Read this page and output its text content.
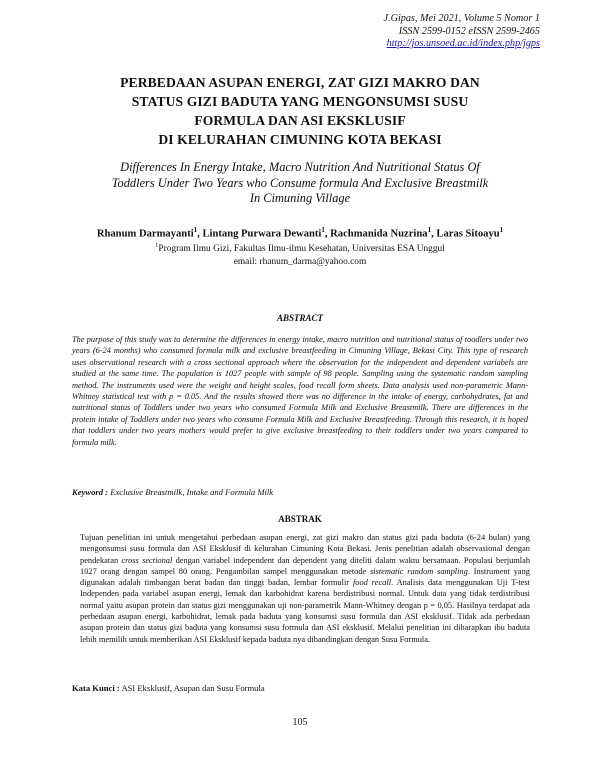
J.Gipas, Mei 2021, Volume 5 Nomor 1
ISSN 2599-0152 eISSN 2599-2465
http://jos.unsoed.ac.id/index.php/jgps
PERBEDAAN ASUPAN ENERGI, ZAT GIZI MAKRO DAN
STATUS GIZI BADUTA YANG MENGONSUMSI SUSU
FORMULA DAN ASI EKSKLUSIF
DI KELURAHAN CIMUNING KOTA BEKASI
Differences In Energy Intake, Macro Nutrition And Nutritional Status Of
Toddlers Under Two Years who Consume formula And Exclusive Breastmilk
In Cimuning Village
Rhanum Darmayanti$^1$, Lintang Purwara Dewanti$^1$, Rachmanida Nuzrina$^1$, Laras Sitoayu$^1$
$^1$Program Ilmu Gizi, Fakultas Ilmu-ilmu Kesehatan, Universitas ESA Unggul
email: rhanum_darma@yahoo.com
ABSTRACT
The purpose of this study was to determine the differences in energy intake, macro nutrition and nutritional status of toodlers under two years (6-24 months) who consumed formula milk and exclusive breastfeeding in Cimuning Village, Bekasi City. This type of research uses observational research with a cross sectional approach where the observation for the independent and dependent variabels are studied at the same time. The population is 1027 people with sample of 98 people. Sampling using the systematic random sampling method. The instruments used were the weight and height scales, food recall form sheets. Data analysis used non-parametric Mann-Whitney statistical test with p = 0.05. And the results showed there was no difference in the intake of energy, carbohydrates, fat and nutritional status of Toddlers under two years who consumed Formula Milk and Exclusive Breastmilk. There are differences in the protein intake of Toddlers under two years who consume Formula Milk and Exclusive Breastfeeding. Through this research, it is hoped that toddlers under two years mothers would prefer to give exclusive breastfeeding to their toddlers under two years compared to formula milk.
Keyword : Exclusive Breastmilk, Intake and Formula Milk
ABSTRAK
Tujuan penelitian ini untuk mengetahui perbedaan asupan energi, zat gizi makro dan status gizi pada baduta (6-24 bulan) yang mengonsumsi susu formula dan ASI Eksklusif di kelurahan Cimuning Kota Bekasi. Jenis penelitian adalah observasional dengan pendekatan cross sectional dengan variabel independent dan dependent yang diteliti dalam waktu bersamaan. Populasi berjumlah 1027 orang dengan sampel 80 orang. Pengambilan sampel menggunakan metode sistematic random sampling. Instrument yang digunakan adalah timbangan berat badan dan tinggi badan, lembar formulir food recall. Analisis data menggunakan Uji T-test Independen pada variabel asupan energi, lemak dan karbohidrat karena berdistribusi normal. Untuk data yang tidak terdistribusi normal yaitu asupan protein dan status gizi menggunakan uji non-parametrik Mann-Whitney dengan p = 0,05. Hasilnya terdapat ada perbedaan asupan energi, karbohidrat, lemak pada baduta yang konsumsi susu formula dan ASI eksklusif. Tidak ada perbedaan asupan protein dan status gizi baduta yang konsumsi susu formula dan ASI eksklusif. Melalui penelitian ini diharapkan ibu baduta lebih memilih untuk memberikan ASI Eksklusif kepada baduta nya dibandingkan dengan Susu Formula.
Kata Kunci : ASI Eksklusif, Asupan dan Susu Formula
105
